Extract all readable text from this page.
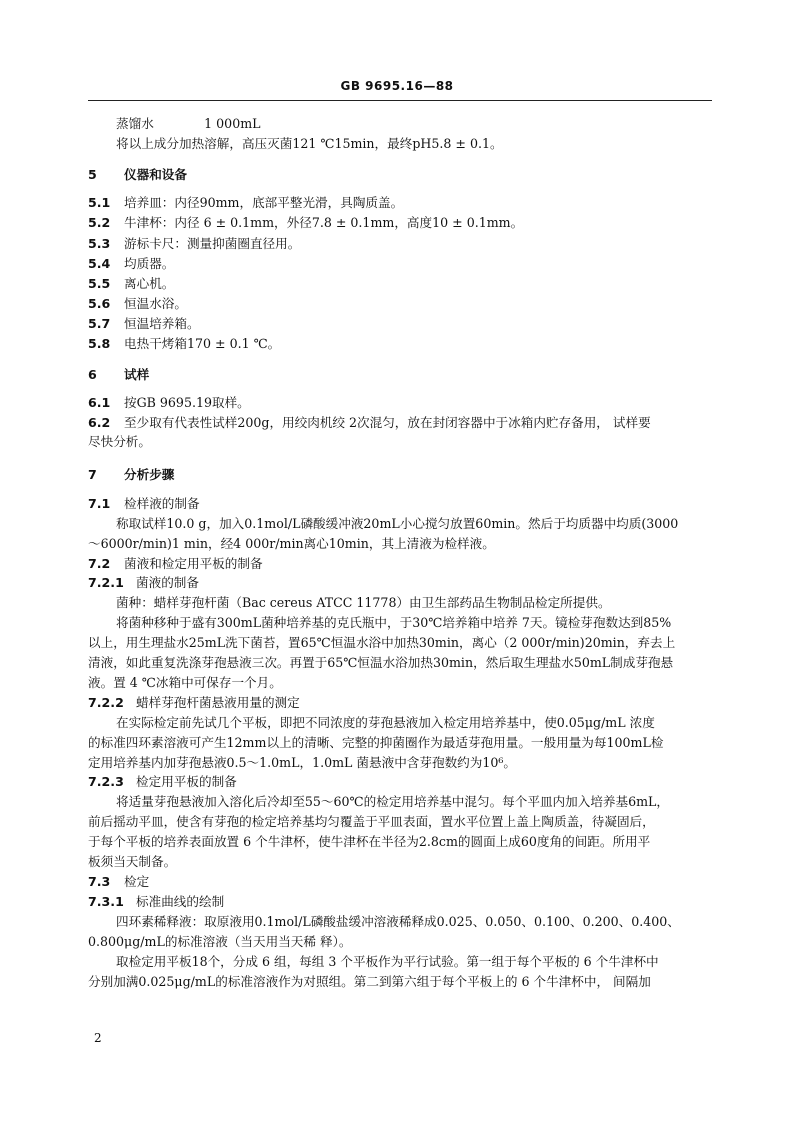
GB 9695.16—88
蒸馏水　　　　1 000mL
将以上成分加热溶解，高压灭菌121 ℃15min，最终pH5.8 ± 0.1。
5 仪器和设备
5.1 培养皿：内径90mm，底部平整光滑，具陶质盖。
5.2 牛津杯：内径 6 ± 0.1mm，外径7.8 ± 0.1mm，高度10 ± 0.1mm。
5.3 游标卡尺：测量抑菌圈直径用。
5.4 均质器。
5.5 离心机。
5.6 恒温水浴。
5.7 恒温培养箱。
5.8 电热干烤箱170 ± 0.1 ℃。
6 试样
6.1 按GB 9695.19取样。
6.2 至少取有代表性试样200g，用绞肉机绞 2次混匀，放在封闭容器中于冰箱内贮存备用， 试样要
尽快分析。
7 分析步骤
7.1 检样液的制备
称取试样10.0 g，加入0.1mol/L磷酸缓冲液20mL小心搅匀放置60min。然后于均质器中均质(3000
～6000r/min)1 min，经4 000r/min离心10min，其上清液为检样液。
7.2 菌液和检定用平板的制备
7.2.1 菌液的制备
菌种：蜡样芽孢杆菌（Bac cereus ATCC 11778）由卫生部药品生物制品检定所提供。
将菌种移种于盛有300mL菌种培养基的克氏瓶中，于30℃培养箱中培养 7天。镜检芽孢数达到85%
以上，用生理盐水25mL洗下菌苔，置65℃恒温水浴中加热30min，离心（2 000r/min)20min，弃去上
清液，如此重复洗涤芽孢悬液三次。再置于65℃恒温水浴加热30min，然后取生理盐水50mL制成芽孢悬
液。置 4 ℃冰箱中可保存一个月。
7.2.2 蜡样芽孢杆菌悬液用量的测定
在实际检定前先试几个平板，即把不同浓度的芽孢悬液加入检定用培养基中，使0.05μg/mL 浓度
的标准四环素溶液可产生12mm以上的清晰、完整的抑菌圈作为最适芽孢用量。一般用量为每100mL检
定用培养基内加芽孢悬液0.5～1.0mL，1.0mL 菌悬液中含芽孢数约为10⁶。
7.2.3 检定用平板的制备
将适量芽孢悬液加入溶化后冷却至55～60℃的检定用培养基中混匀。每个平皿内加入培养基6mL，
前后摇动平皿，使含有芽孢的检定培养基均匀覆盖于平皿表面，置水平位置上盖上陶质盖，待凝固后，
于每个平板的培养表面放置 6 个牛津杯，使牛津杯在半径为2.8cm的圆面上成60度角的间距。所用平
板须当天制备。
7.3 检定
7.3.1 标准曲线的绘制
四环素稀释液：取原液用0.1mol/L磷酸盐缓冲溶液稀释成0.025、0.050、0.100、0.200、0.400、
0.800μg/mL的标准溶液（当天用当天稀 释）。
取检定用平板18个，分成 6 组，每组 3 个平板作为平行试验。第一组于每个平板的 6 个牛津杯中
分别加满0.025μg/mL的标准溶液作为对照组。第二到第六组于每个平板上的 6 个牛津杯中， 间隔加
2
